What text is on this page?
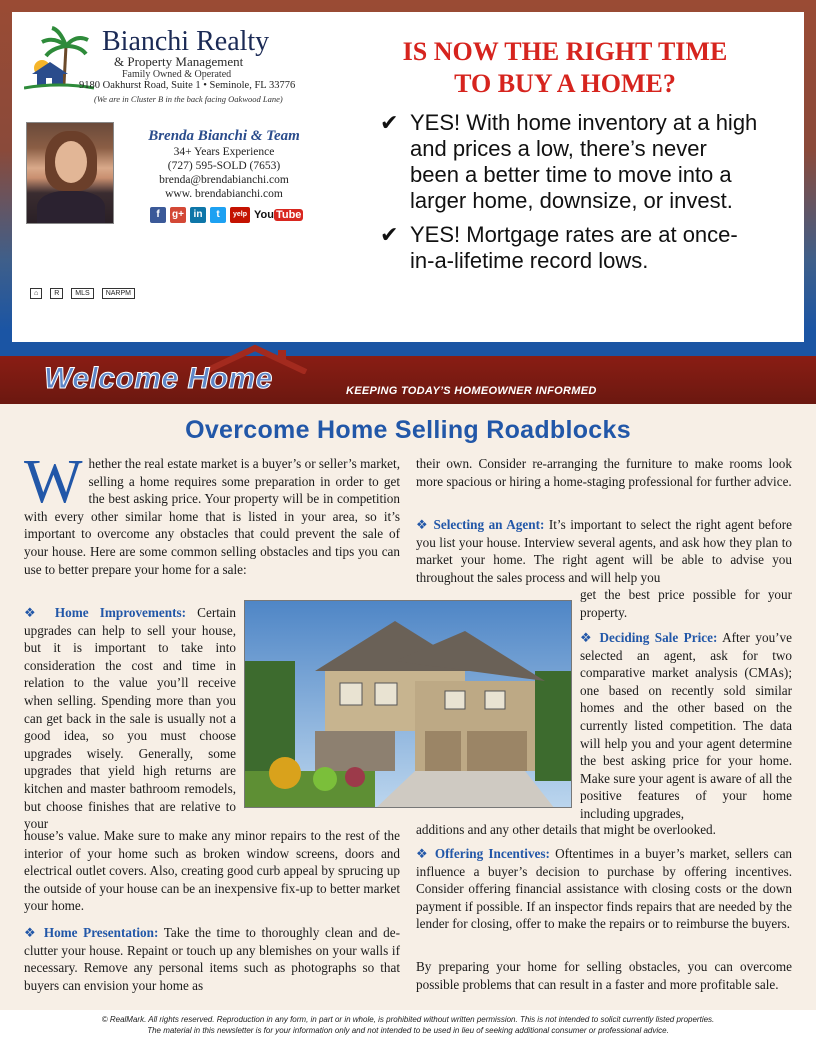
Bianchi Realty
& Property Management
Family Owned & Operated
9180 Oakhurst Road, Suite 1 • Seminole, FL 33776
(We are in Cluster B in the back facing Oakwood Lane)
Brenda Bianchi & Team
34+ Years Experience
(727) 595-SOLD (7653)
brenda@brendabianchi.com
www. brendabianchi.com
f	g+ in	t	yelp You Tube
⌂	R	MLS	NARPM
IS NOW THE RIGHT TIME
TO BUY A HOME?
✔ YES! With home inventory at a high and prices a low, there’s never been a better time to move into a larger home, downsize, or invest.
✔ YES! Mortgage rates are at once-in-a-lifetime record lows.
Welcome Home	KEEPING TODAY’S HOMEOWNER INFORMED
Overcome Home Selling Roadblocks
Whether the real estate market is a buyer’s or seller’s market, selling a home requires some preparation in order to get the best asking price. Your property will be in competition with every other similar home that is listed in your area, so it’s important to overcome any obstacles that could prevent the sale of your house. Here are some common selling obstacles and tips you can use to better prepare your home for a sale:
❖ Home Improvements: Certain upgrades can help to sell your house, but it is important to take into consideration the cost and time in relation to the value you’ll receive when selling. Spending more than you can get back in the sale is usually not a good idea, so you must choose upgrades wisely. Generally, some upgrades that yield high returns are kitchen and master bathroom remodels, but choose finishes that are relative to your
house’s value. Make sure to make any minor repairs to the rest of the interior of your home such as broken window screens, doors and electrical outlet covers. Also, creating good curb appeal by sprucing up the outside of your house can be an inexpensive fix-up to better market your home.
❖ Home Presentation: Take the time to thoroughly clean and de-clutter your house. Repaint or touch up any blemishes on your walls if necessary. Remove any personal items such as photographs so that buyers can envision your home as
their own. Consider re-arranging the furniture to make rooms look more spacious or hiring a home-staging professional for further advice.
❖ Selecting an Agent: It’s important to select the right agent before you list your house. Interview several agents, and ask how they plan to market your home. The right agent will be able to advise you throughout the sales process and will help you
get the best price possible for your property.
❖ Deciding Sale Price: After you’ve selected an agent, ask for two comparative market analysis (CMAs); one based on recently sold similar homes and the other based on the currently listed competition. The data will help you and your agent determine the best asking price for your home. Make sure your agent is aware of all the positive features of your home including upgrades,
additions and any other details that might be overlooked.
❖ Offering Incentives: Oftentimes in a buyer’s market, sellers can influence a buyer’s decision to purchase by offering incentives. Consider offering financial assistance with closing costs or the down payment if possible. If an inspector finds repairs that are needed by the lender for closing, offer to make the repairs or to reimburse the buyers.
By preparing your home for selling obstacles, you can overcome possible problems that can result in a faster and more profitable sale.
© RealMark. All rights reserved. Reproduction in any form, in part or in whole, is prohibited without written permission. This is not intended to solicit currently listed properties.
The material in this newsletter is for your information only and not intended to be used in lieu of seeking additional consumer or professional advice.
